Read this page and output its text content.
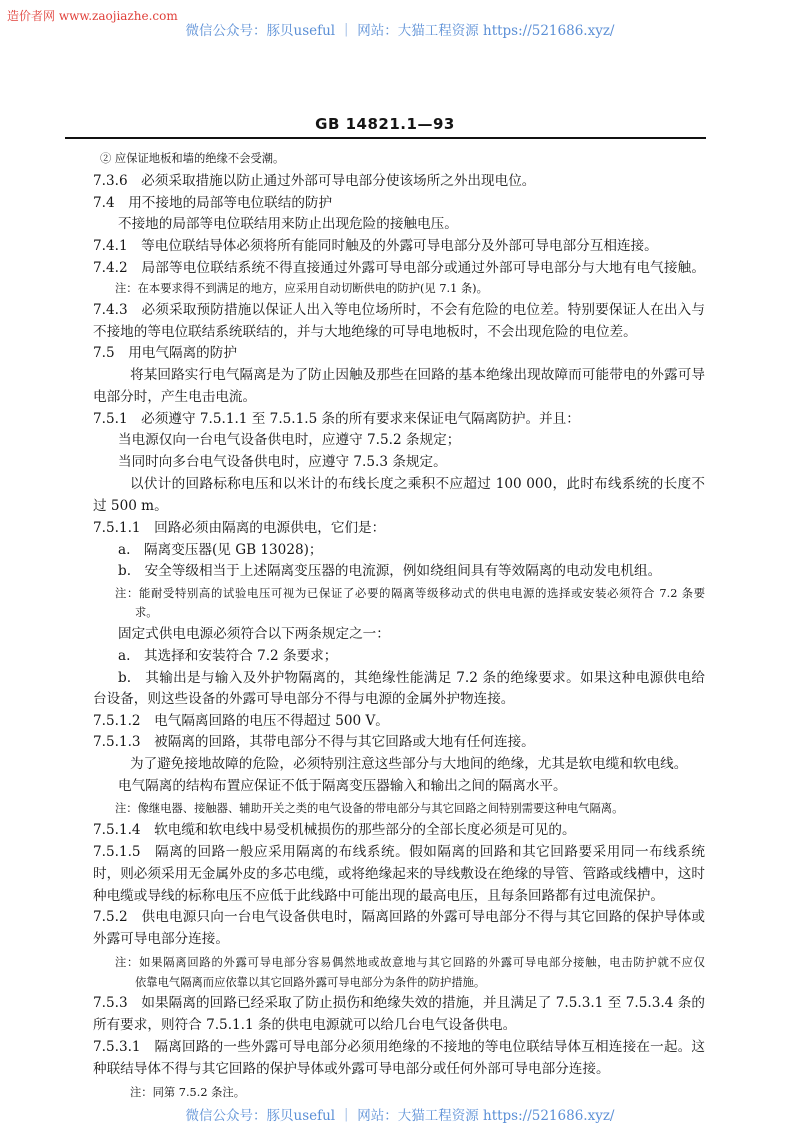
造价者网 www.zaojiazhe.com
微信公众号：豚贝useful ｜ 网站：大猫工程资源 https://521686.xyz/
GB 14821.1—93
② 应保证地板和墙的绝缘不会受潮。
7.3.6　必须采取措施以防止通过外部可导电部分使该场所之外出现电位。
7.4　用不接地的局部等电位联结的防护
不接地的局部等电位联结用来防止出现危险的接触电压。
7.4.1　等电位联结导体必须将所有能同时触及的外露可导电部分及外部可导电部分互相连接。
7.4.2　局部等电位联结系统不得直接通过外露可导电部分或通过外部可导电部分与大地有电气接触。
注：在本要求得不到满足的地方，应采用自动切断供电的防护(见 7.1 条)。
7.4.3　必须采取预防措施以保证人出入等电位场所时，不会有危险的电位差。特别要保证人在出入与
不接地的等电位联结系统联结的，并与大地绝缘的可导电地板时，不会出现危险的电位差。
7.5　用电气隔离的防护
将某回路实行电气隔离是为了防止因触及那些在回路的基本绝缘出现故障而可能带电的外露可导
电部分时，产生电击电流。
7.5.1　必须遵守 7.5.1.1 至 7.5.1.5 条的所有要求来保证电气隔离防护。并且：
当电源仅向一台电气设备供电时，应遵守 7.5.2 条规定；
当同时向多台电气设备供电时，应遵守 7.5.3 条规定。
以伏计的回路标称电压和以米计的布线长度之乘积不应超过 100 000，此时布线系统的长度不
过 500 m。
7.5.1.1　回路必须由隔离的电源供电，它们是：
a.　隔离变压器(见 GB 13028)；
b.　安全等级相当于上述隔离变压器的电流源，例如绕组间具有等效隔离的电动发电机组。
注：能耐受特别高的试验电压可视为已保证了必要的隔离等级移动式的供电电源的选择或安装必须符合 7.2 条要
求。
固定式供电电源必须符合以下两条规定之一：
a.　其选择和安装符合 7.2 条要求；
b.　其输出是与输入及外护物隔离的，其绝缘性能满足 7.2 条的绝缘要求。如果这种电源供电给
台设备，则这些设备的外露可导电部分不得与电源的金属外护物连接。
7.5.1.2　电气隔离回路的电压不得超过 500 V。
7.5.1.3　被隔离的回路，其带电部分不得与其它回路或大地有任何连接。
为了避免接地故障的危险，必须特别注意这些部分与大地间的绝缘，尤其是软电缆和软电线。
电气隔离的结构布置应保证不低于隔离变压器输入和输出之间的隔离水平。
注：像继电器、接触器、辅助开关之类的电气设备的带电部分与其它回路之间特别需要这种电气隔离。
7.5.1.4　软电缆和软电线中易受机械损伤的那些部分的全部长度必须是可见的。
7.5.1.5　隔离的回路一般应采用隔离的布线系统。假如隔离的回路和其它回路要采用同一布线系统
时，则必须采用无金属外皮的多芯电缆，或将绝缘起来的导线敷设在绝缘的导管、管路或线槽中，这时
种电缆或导线的标称电压不应低于此线路中可能出现的最高电压，且每条回路都有过电流保护。
7.5.2　供电电源只向一台电气设备供电时，隔离回路的外露可导电部分不得与其它回路的保护导体或
外露可导电部分连接。
注：如果隔离回路的外露可导电部分容易偶然地或故意地与其它回路的外露可导电部分接触，电击防护就不应仅
依靠电气隔离而应依靠以其它回路外露可导电部分为条件的防护措施。
7.5.3　如果隔离的回路已经采取了防止损伤和绝缘失效的措施，并且满足了 7.5.3.1 至 7.5.3.4 条的
所有要求，则符合 7.5.1.1 条的供电电源就可以给几台电气设备供电。
7.5.3.1　隔离回路的一些外露可导电部分必须用绝缘的不接地的等电位联结导体互相连接在一起。这
种联结导体不得与其它回路的保护导体或外露可导电部分或任何外部可导电部分连接。
注：同第 7.5.2 条注。
微信公众号：豚贝useful ｜ 网站：大猫工程资源 https://521686.xyz/
